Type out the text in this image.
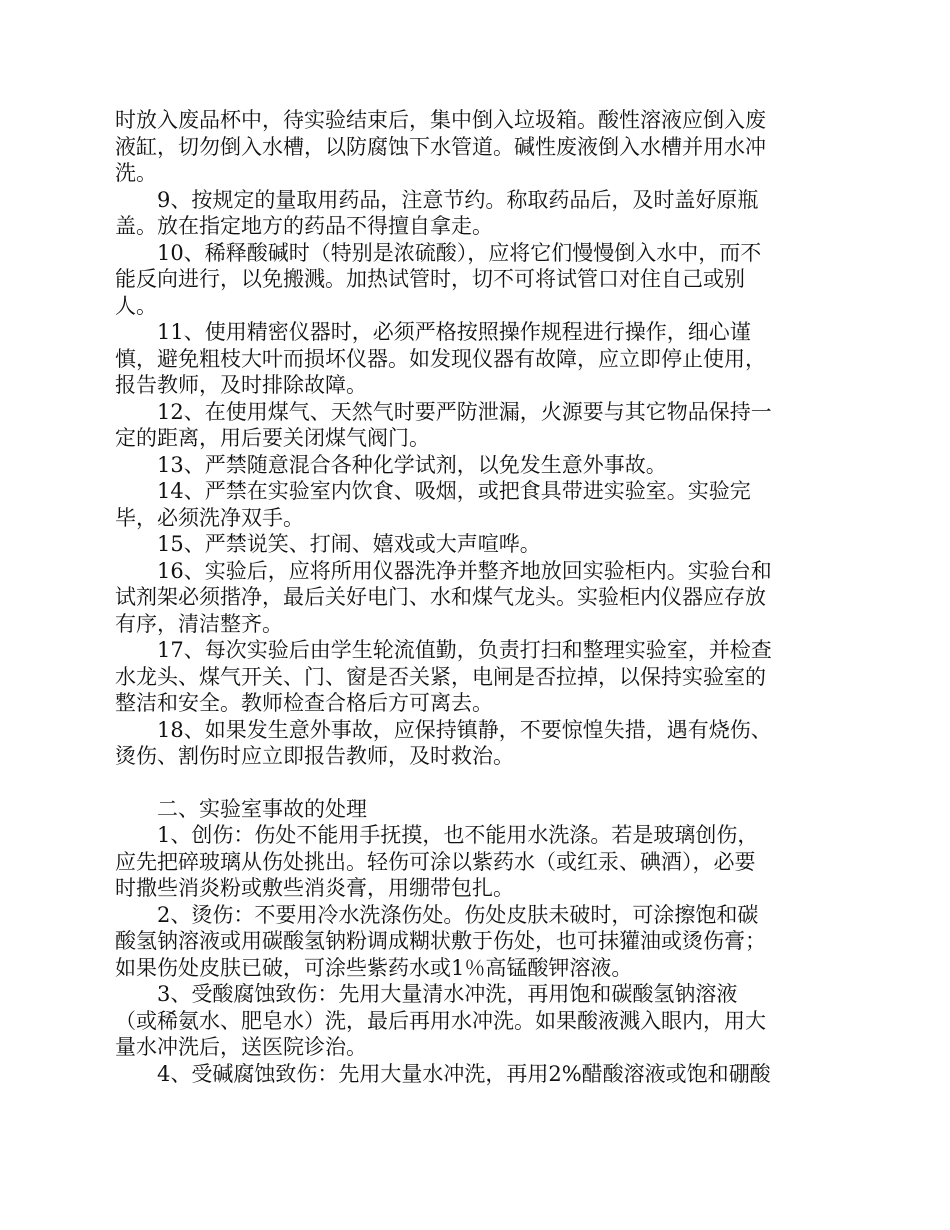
时放入废品杯中，待实验结束后，集中倒入垃圾箱。酸性溶液应倒入废
液缸，切勿倒入水槽，以防腐蚀下水管道。碱性废液倒入水槽并用水冲
洗。
9、按规定的量取用药品，注意节约。称取药品后，及时盖好原瓶
盖。放在指定地方的药品不得擅自拿走。
10、稀释酸碱时（特别是浓硫酸），应将它们慢慢倒入水中，而不
能反向进行，以免搬溅。加热试管时，切不可将试管口对住自己或别
人。
11、使用精密仪器时，必须严格按照操作规程进行操作，细心谨
慎，避免粗枝大叶而损坏仪器。如发现仪器有故障，应立即停止使用，
报告教师，及时排除故障。
12、在使用煤气、天然气时要严防泄漏，火源要与其它物品保持一
定的距离，用后要关闭煤气阀门。
13、严禁随意混合各种化学试剂，以免发生意外事故。
14、严禁在实验室内饮食、吸烟，或把食具带进实验室。实验完
毕，必须洗净双手。
15、严禁说笑、打闹、嬉戏或大声喧哗。
16、实验后，应将所用仪器洗净并整齐地放回实验柜内。实验台和
试剂架必须揩净，最后关好电门、水和煤气龙头。实验柜内仪器应存放
有序，清洁整齐。
17、每次实验后由学生轮流值勤，负责打扫和整理实验室，并检查
水龙头、煤气开关、门、窗是否关紧，电闸是否拉掉，以保持实验室的
整洁和安全。教师检查合格后方可离去。
18、如果发生意外事故，应保持镇静，不要惊惶失措，遇有烧伤、
烫伤、割伤时应立即报告教师，及时救治。
二、实验室事故的处理
1、创伤：伤处不能用手抚摸，也不能用水洗涤。若是玻璃创伤，
应先把碎玻璃从伤处挑出。轻伤可涂以紫药水（或红汞、碘酒），必要
时撒些消炎粉或敷些消炎膏，用绷带包扎。
2、烫伤：不要用冷水洗涤伤处。伤处皮肤未破时，可涂擦饱和碳
酸氢钠溶液或用碳酸氢钠粉调成糊状敷于伤处，也可抹獾油或烫伤膏；
如果伤处皮肤已破，可涂些紫药水或1％高锰酸钾溶液。
3、受酸腐蚀致伤：先用大量清水冲洗，再用饱和碳酸氢钠溶液
（或稀氨水、肥皂水）洗，最后再用水冲洗。如果酸液溅入眼内，用大
量水冲洗后，送医院诊治。
4、受碱腐蚀致伤：先用大量水冲洗，再用2%醋酸溶液或饱和硼酸
